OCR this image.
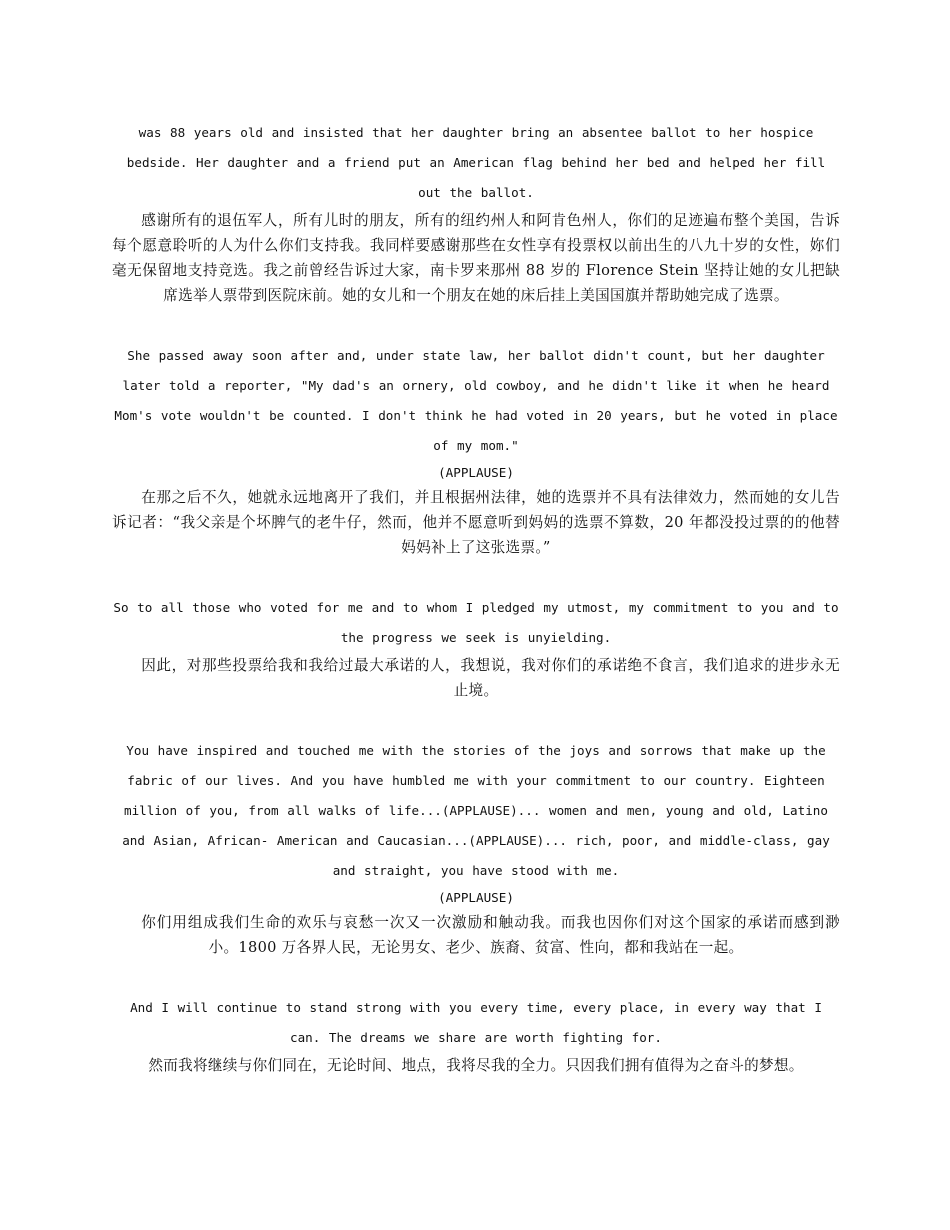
was 88 years old and insisted that her daughter bring an absentee ballot to her hospice bedside. Her daughter and a friend put an American flag behind her bed and helped her fill out the ballot.
感谢所有的退伍军人，所有儿时的朋友，所有的纽约州人和阿肯色州人，你们的足迹遍布整个美国，告诉每个愿意聆听的人为什么你们支持我。我同样要感谢那些在女性享有投票权以前出生的八九十岁的女性，妳们毫无保留地支持竞选。我之前曾经告诉过大家，南卡罗来那州 88 岁的 Florence Stein 坚持让她的女儿把缺席选举人票带到医院床前。她的女儿和一个朋友在她的床后挂上美国国旗并帮助她完成了选票。
She passed away soon after and, under state law, her ballot didn't count, but her daughter later told a reporter, "My dad's an ornery, old cowboy, and he didn't like it when he heard Mom's vote wouldn't be counted. I don't think he had voted in 20 years, but he voted in place of my mom."
(APPLAUSE)
在那之后不久，她就永远地离开了我们，并且根据州法律，她的选票并不具有法律效力，然而她的女儿告诉记者：“我父亲是个坏脾气的老牛仔，然而，他并不愿意听到妈妈的选票不算数，20 年都没投过票的的他替妈妈补上了这张选票。”
So to all those who voted for me and to whom I pledged my utmost, my commitment to you and to the progress we seek is unyielding.
因此，对那些投票给我和我给过最大承诺的人，我想说，我对你们的承诺绝不食言，我们追求的进步永无止境。
You have inspired and touched me with the stories of the joys and sorrows that make up the fabric of our lives. And you have humbled me with your commitment to our country. Eighteen million of you, from all walks of life...(APPLAUSE)... women and men, young and old, Latino and Asian, African- American and Caucasian...(APPLAUSE)... rich, poor, and middle-class, gay and straight, you have stood with me.
(APPLAUSE)
你们用组成我们生命的欢乐与哀愁一次又一次激励和触动我。而我也因你们对这个国家的承诺而感到渺小。1800 万各界人民，无论男女、老少、族裔、贫富、性向，都和我站在一起。
And I will continue to stand strong with you every time, every place, in every way that I can. The dreams we share are worth fighting for.
然而我将继续与你们同在，无论时间、地点，我将尽我的全力。只因我们拥有值得为之奋斗的梦想。
